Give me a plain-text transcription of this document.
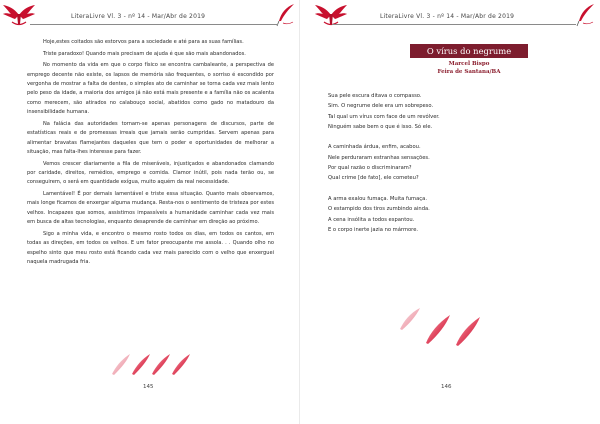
LiteraLivre Vl. 3 - nº 14 - Mar/Abr de 2019

Hoje,estes coitados são estorvos para a sociedade e até para as suas famílias.

Triste paradoxo! Quando mais precisam de ajuda é que são mais abandonados.

No momento da vida em que o corpo físico se encontra cambaleante, a perspectiva de emprego decente não existe, os lapsos de memória são frequentes, o sorriso é escondido por vergonha de mostrar a falta de dentes, o simples ato de caminhar se torna cada vez mais lento pelo peso da idade, a maioria dos amigos já não está mais presente e a família não os acalenta como merecem, são atirados no calabouço social, abatidos como gado no matadouro da insensibilidade humana.

Na falácia das autoridades tornam-se apenas personagens de discursos, parte de estatísticas reais e de promessas irreais que jamais serão cumpridas. Servem apenas para alimentar bravatas flamejantes daqueles que tem o poder e oportunidades de melhorar a situação, mas falta-lhes interesse para fazer.

Vemos crescer diariamente a fila de miseráveis, injustiçados e abandonados clamando por caridade, direitos, remédios, emprego e comida. Clamor inútil, pois nada terão ou, se conseguirem, o será em quantidade exígua, muito aquém da real necessidade.

Lamentável! É por demais lamentável e triste essa situação. Quanto mais observamos, mais longe ficamos de enxergar alguma mudança. Resta-nos o sentimento de tristeza por estes velhos. Incapazes que somos, assistimos impassíveis a humanidade caminhar cada vez mais em busca de altas tecnologias, enquanto desaprende de caminhar em direção ao próximo.

Sigo a minha vida, e encontro o mesmo rosto todos os dias, em todos os cantos, em todas as direções, em todos os velhos. E um fator preocupante me assola. . . Quando olho no espelho sinto que meu rosto está ficando cada vez mais parecido com o velho que enxerguei naquela madrugada fria.

145
LiteraLivre Vl. 3 - nº 14 - Mar/Abr de 2019
O vírus do negrume
Marcel Bispo
Feira de Santana/BA
Sua pele escura ditava o compasso.
Sim. O negrume dele era um sobrepeso.
Tal qual um vírus com face de um revólver.
Ninguém sabe bem o que é isso. Só ele.
A caminhada árdua, enfim, acabou.
Nele perduraram estranhas sensações.
Por qual razão o discriminaram?
Qual crime [de fato], ele cometeu?
A arma exalou fumaça. Muita fumaça.
O estampido dos tiros zumbindo ainda.
A cena insólita a todos espantou.
E o corpo inerte jazia no mármore.
146
